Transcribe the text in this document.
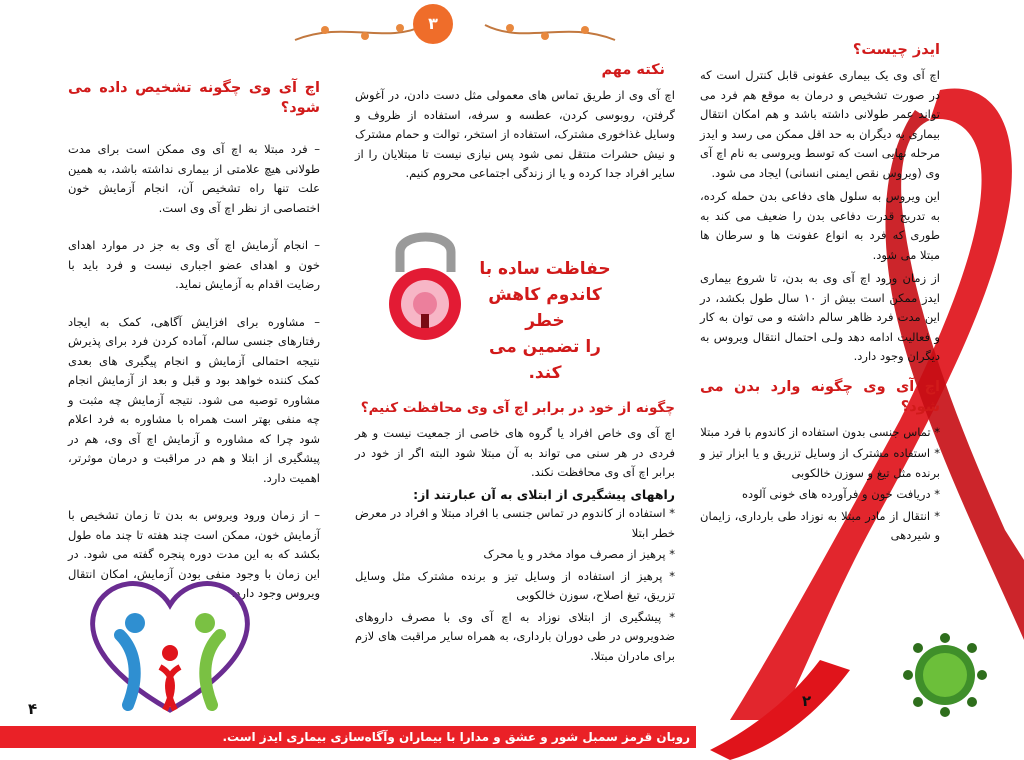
۳
ایدز چیست؟
اچ آی وی یک بیماری عفونی قابل کنترل است که در صورت تشخیص و درمان به موقع هم فرد می تواند عمر طولانی داشته باشد و هم امکان انتقال بیماری به دیگران به حد اقل ممکن می رسد و ایدز مرحله نهایی است که توسط ویروسی به نام اچ آی وی (ویروس نقص ایمنی انسانی) ایجاد می شود.
این ویروس به سلول های دفاعی بدن حمله کرده، به تدریج قدرت دفاعی بدن را ضعیف می کند به طوری که فرد به انواع عفونت ها و سرطان ها مبتلا می شود.
از زمان ورود اچ آی وی به بدن، تا شروع بیماری ایدز ممکن است بیش از ۱۰ سال طول بکشد، در این مدت فرد ظاهر سالم داشته و می توان به کار و فعالیت ادامه دهد ولـی احتمال انتقال ویروس به دیگران وجود دارد.
اچ آی وی چگونه وارد بدن می شود؟
* تماس جنسی بدون استفاده از کاندوم با فرد مبتلا
* استفاده مشترک از وسایل تزریق و یا ابزار تیز و برنده مثل تیغ و سوزن خالکوبی
* دریافت خون و فرآورده های خونی آلوده
* انتقال از مادر مبتلا به نوزاد طی بارداری، زایمان و شیردهی
۲
نکته مهم
اچ آی وی از طریق تماس های معمولی مثل دست دادن، در آغوش گرفتن، روبوسی کردن، عطسه و سرفه، استفاده از ظروف و وسایل غذاخوری مشترک، استفاده از استخر، توالت و حمام مشترک و نیش حشرات منتقل نمی شود پس نیازی نیست تا مبتلایان را از سایر افراد جدا کرده و یا از زندگی اجتماعی محروم کنیم.
حفاظت ساده با
کاندوم کاهش خطر
را تضمین می کند.
چگونه از خود در برابر اچ آی وی محافظت کنیم؟
اچ آی وی خاص افراد یا گروه های خاصی از جمعیت نیست و هر فردی در هر سنی می تواند به آن مبتلا شود البته اگر از خود در برابر اچ آی وی محافظت نکند.
راههای پیشگیری از ابتلای به آن عبارتند از:
* استفاده از کاندوم در تماس جنسی با افراد مبتلا و افراد در معرض خطر ابتلا
* پرهیز از مصرف مواد مخدر و یا محرک
* پرهیز از استفاده از وسایل تیز و برنده مشترک مثل وسایل تزریق، تیغ اصلاح، سوزن خالکوبی
* پیشگیری از ابتلای نوزاد به اچ آی وی با مصرف داروهای ضدویروس در طی دوران بارداری، به همراه سایر مراقبت های لازم برای مادران مبتلا.
اچ آی وی چگونه تشخیص داده می شود؟
– فرد مبتلا به اچ آی وی ممکن است برای مدت طولانی هیچ علامتی از بیماری نداشته باشد، به همین علت تنها راه تشخیص آن، انجام آزمایش خون اختصاصی از نظر اچ آی وی است.
– انجام آزمایش اچ آی وی به جز در موارد اهدای خون و اهدای عضو اجباری نیست و فرد باید با رضایت اقدام به آزمایش نماید.
– مشاوره برای افزایش آگاهی، کمک به ایجاد رفتارهای جنسی سالم، آماده کردن فرد برای پذیرش نتیجه احتمالی آزمایش و انجام پیگیری های بعدی کمک کننده خواهد بود و قبل و بعد از آزمایش انجام مشاوره توصیه می شود. نتیجه آزمایش چه مثبت و چه منفی بهتر است همراه با مشاوره به فرد اعلام شود چرا که مشاوره و آزمایش اچ آی وی، هم در پیشگیری از ابتلا و هم در مراقبت و درمان موثرتر، اهمیت دارد.
– از زمان ورود ویروس به بدن تا زمان تشخیص با آزمایش خون، ممکن است چند هفته تا چند ماه طول بکشد که به این مدت دوره پنجره گفته می شود. در این زمان با وجود منفی بودن آزمایش، امکان انتقال ویروس وجود دارد.
۴
روبان قرمز سمبل شور و عشق و مدارا با بیماران وآگاه‌سازی بیماری ایدز است.
